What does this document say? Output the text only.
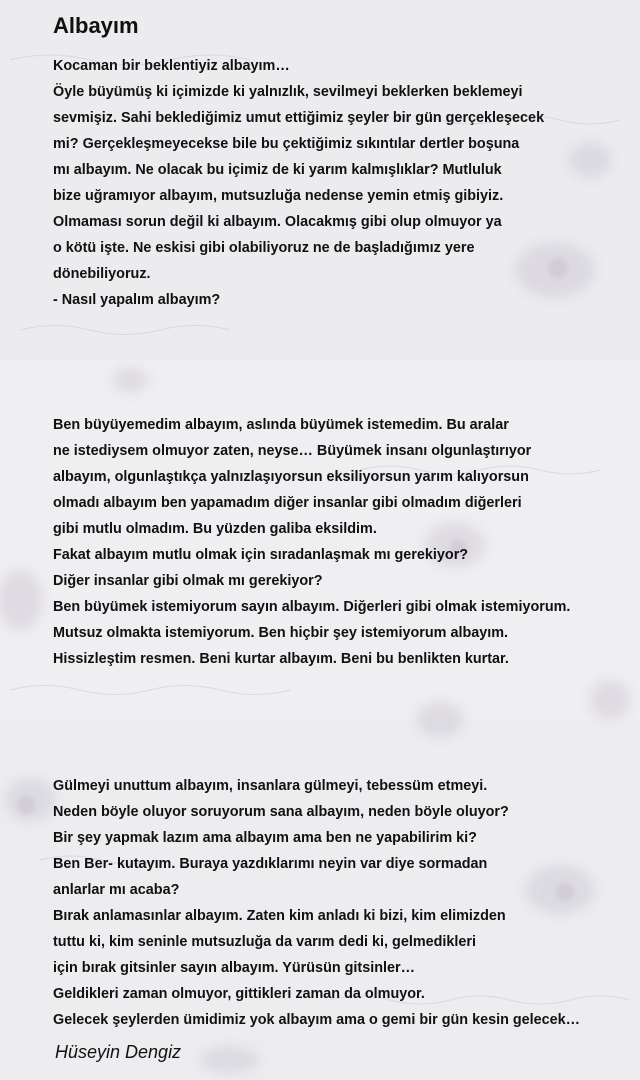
Albayım
Kocaman bir beklentiyiz albayım…
Öyle büyümüş ki içimizde ki yalnızlık, sevilmeyi beklerken beklemeyi
sevmişiz. Sahi beklediğimiz umut ettiğimiz şeyler bir gün gerçekleşecek
mi? Gerçekleşmeyecekse bile bu çektiğimiz sıkıntılar dertler boşuna
mı albayım. Ne olacak bu içimiz de ki yarım kalmışlıklar? Mutluluk
bize uğramıyor albayım, mutsuzluğa nedense yemin etmiş gibiyiz.
Olmaması sorun değil ki albayım. Olacakmış gibi olup olmuyor ya
o kötü işte. Ne eskisi gibi olabiliyoruz ne de başladığımız yere
dönebiliyoruz.
- Nasıl yapalım albayım?
Ben büyüyemedim albayım, aslında büyümek istemedim. Bu aralar
ne istediysem olmuyor zaten, neyse… Büyümek insanı olgunlaştırıyor
albayım, olgunlaştıkça yalnızlaşıyorsun eksiliyorsun yarım kalıyorsun
olmadı albayım ben yapamadım diğer insanlar gibi olmadım diğerleri
gibi mutlu olmadım. Bu yüzden galiba eksildim.
Fakat albayım mutlu olmak için sıradanlaşmak mı gerekiyor?
Diğer insanlar gibi olmak mı gerekiyor?
Ben büyümek istemiyorum sayın albayım. Diğerleri gibi olmak istemiyorum.
Mutsuz olmakta istemiyorum. Ben hiçbir şey istemiyorum albayım.
Hissizleştim resmen. Beni kurtar albayım. Beni bu benlikten kurtar.
Gülmeyi unuttum albayım, insanlara gülmeyi, tebessüm etmeyi.
Neden böyle oluyor soruyorum sana albayım, neden böyle oluyor?
Bir şey yapmak lazım ama albayım ama ben ne yapabilirim ki?
Ben Ber- kutayım. Buraya yazdıklarımı neyin var diye sormadan
anlarlar mı acaba?
Bırak anlamasınlar albayım. Zaten kim anladı ki bizi, kim elimizden
tuttu ki, kim seninle mutsuzluğa da varım dedi ki, gelmedikleri
için bırak gitsinler sayın albayım. Yürüsün gitsinler…
Geldikleri zaman olmuyor, gittikleri zaman da olmuyor.
Gelecek şeylerden ümidimiz yok albayım ama o gemi bir gün kesin gelecek…
Hüseyin Dengiz
